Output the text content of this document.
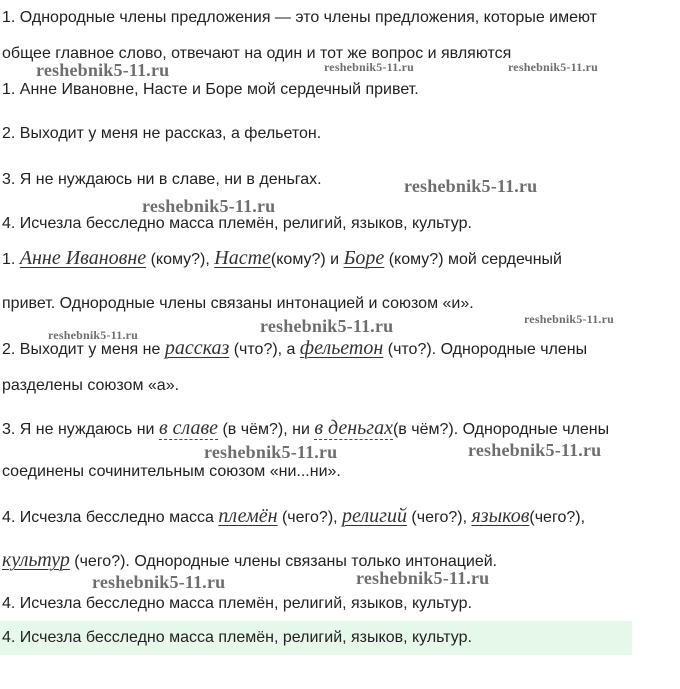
1. Однородные члены предложения — это члены предложения, которые имеют
общее главное слово, отвечают на один и тот же вопрос и являются
1. Анне Ивановне, Насте и Боре мой сердечный привет.
2. Выходит у меня не рассказ, а фельетон.
3. Я не нуждаюсь ни в славе, ни в деньгах.
4. Исчезла бесследно масса племён, религий, языков, культур.
1. Анне Ивановне (кому?), Насте(кому?) и Боре (кому?) мой сердечный
привет. Однородные члены связаны интонацией и союзом «и».
2. Выходит у меня не рассказ (что?), а фельетон (что?). Однородные члены
разделены союзом «а».
3. Я не нуждаюсь ни в славе (в чём?), ни в деньгах(в чём?). Однородные члены
соединены сочинительным союзом «ни...ни».
4. Исчезла бесследно масса племён (чего?), религий (чего?), языков(чего?),
культур (чего?). Однородные члены связаны только интонацией.
4. Исчезла бесследно масса племён, религий, языков, культур.
4. Исчезла бесследно масса племён, религий, языков, культур.
reshebnik5-11.ru	reshebnik5-11.ru	reshebnik5-11.ru
reshebnik5-11.ru
reshebnik5-11.ru
reshebnik5-11.ru	reshebnik5-11.ru
reshebnik5-11.ru
reshebnik5-11.ru	reshebnik5-11.ru
reshebnik5-11.ru	reshebnik5-11.ru
